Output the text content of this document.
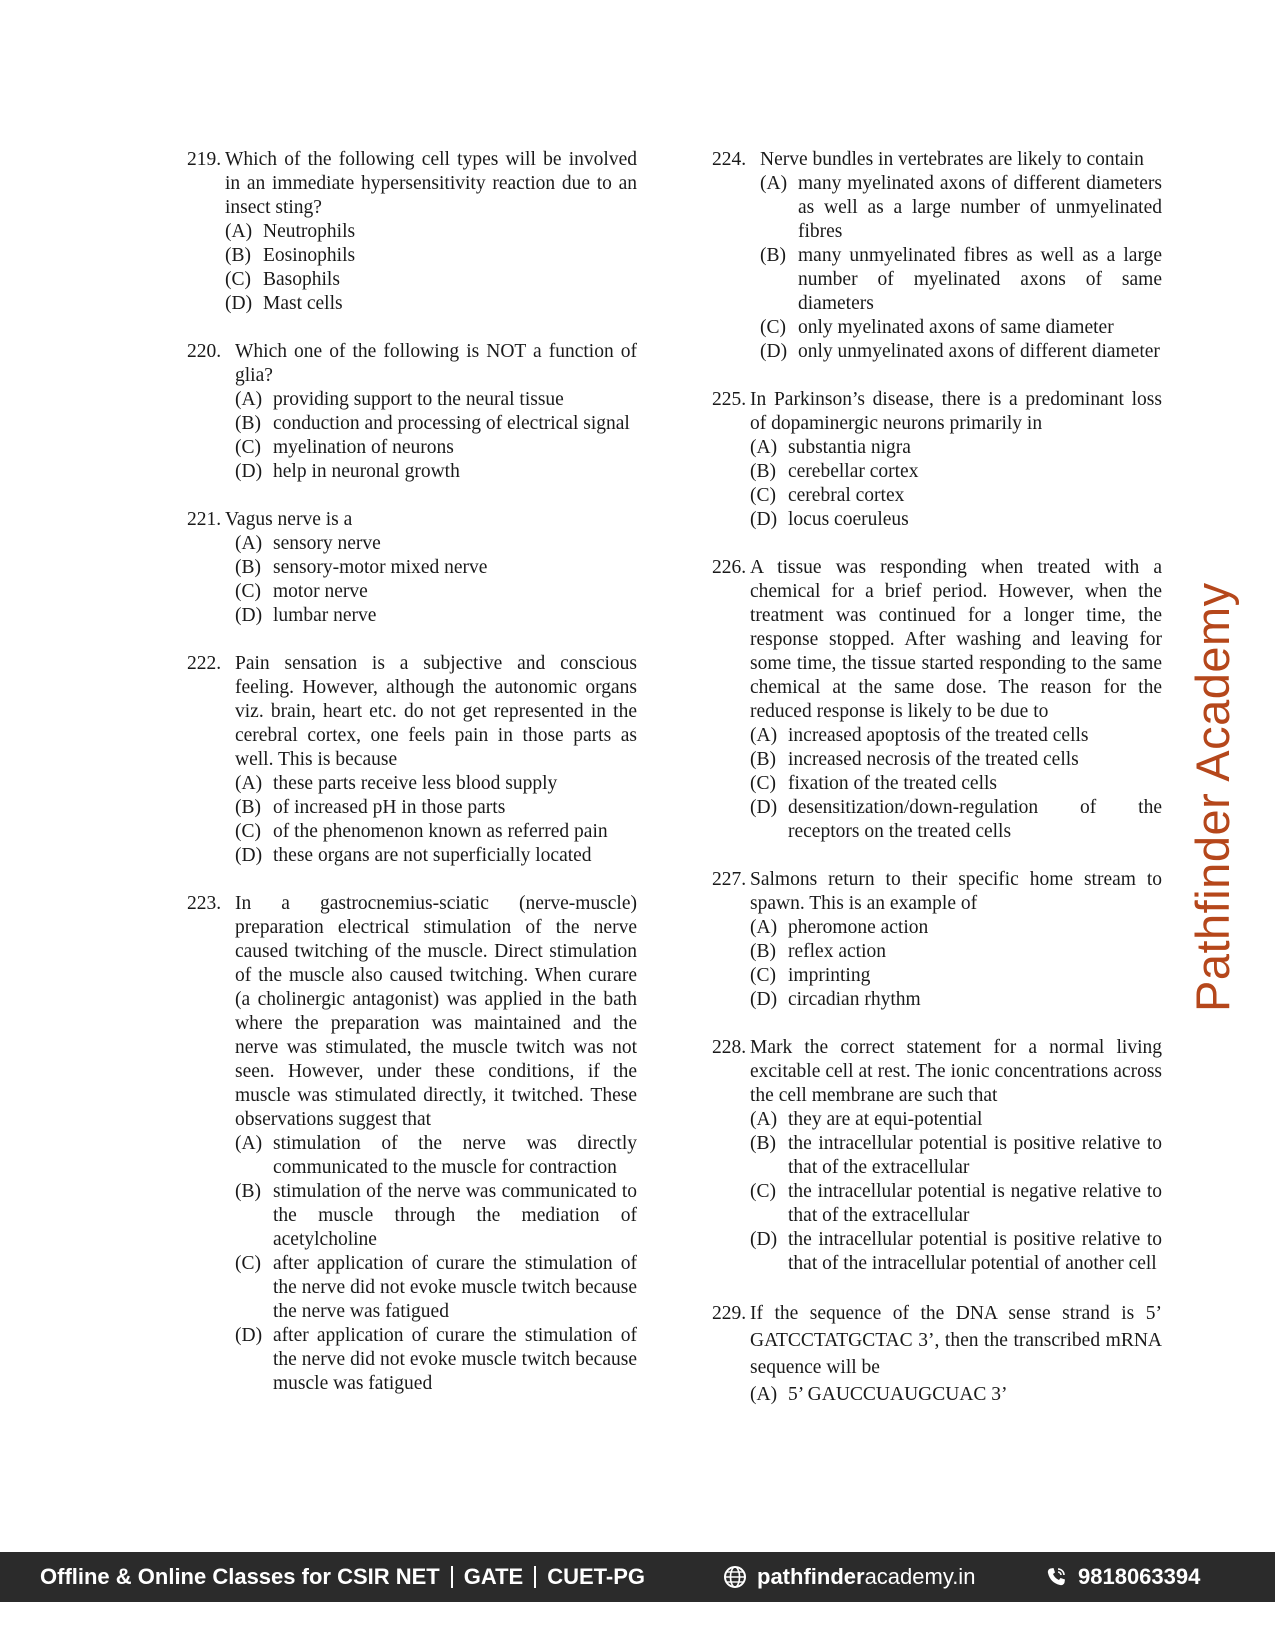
219. Which of the following cell types will be involved in an immediate hypersensitivity reaction due to an insect sting?
(A) Neutrophils
(B) Eosinophils
(C) Basophils
(D) Mast cells
220. Which one of the following is NOT a function of glia?
(A) providing support to the neural tissue
(B) conduction and processing of electrical signal
(C) myelination of neurons
(D) help in neuronal growth
221. Vagus nerve is a
(A) sensory nerve
(B) sensory-motor mixed nerve
(C) motor nerve
(D) lumbar nerve
222. Pain sensation is a subjective and conscious feeling. However, although the autonomic organs viz. brain, heart etc. do not get represented in the cerebral cortex, one feels pain in those parts as well. This is because
(A) these parts receive less blood supply
(B) of increased pH in those parts
(C) of the phenomenon known as referred pain
(D) these organs are not superficially located
223. In a gastrocnemius-sciatic (nerve-muscle) preparation electrical stimulation of the nerve caused twitching of the muscle. Direct stimulation of the muscle also caused twitching. When curare (a cholinergic antagonist) was applied in the bath where the preparation was maintained and the nerve was stimulated, the muscle twitch was not seen. However, under these conditions, if the muscle was stimulated directly, it twitched. These observations suggest that
(A) stimulation of the nerve was directly communicated to the muscle for contraction
(B) stimulation of the nerve was communicated to the muscle through the mediation of acetylcholine
(C) after application of curare the stimulation of the nerve did not evoke muscle twitch because the nerve was fatigued
(D) after application of curare the stimulation of the nerve did not evoke muscle twitch because muscle was fatigued
224. Nerve bundles in vertebrates are likely to contain
(A) many myelinated axons of different diameters as well as a large number of unmyelinated fibres
(B) many unmyelinated fibres as well as a large number of myelinated axons of same diameters
(C) only myelinated axons of same diameter
(D) only unmyelinated axons of different diameter
225. In Parkinson’s disease, there is a predominant loss of dopaminergic neurons primarily in
(A) substantia nigra
(B) cerebellar cortex
(C) cerebral cortex
(D) locus coeruleus
226. A tissue was responding when treated with a chemical for a brief period. However, when the treatment was continued for a longer time, the response stopped. After washing and leaving for some time, the tissue started responding to the same chemical at the same dose. The reason for the reduced response is likely to be due to
(A) increased apoptosis of the treated cells
(B) increased necrosis of the treated cells
(C) fixation of the treated cells
(D) desensitization/down-regulation of the receptors on the treated cells
227. Salmons return to their specific home stream to spawn. This is an example of
(A) pheromone action
(B) reflex action
(C) imprinting
(D) circadian rhythm
228. Mark the correct statement for a normal living excitable cell at rest. The ionic concentrations across the cell membrane are such that
(A) they are at equi-potential
(B) the intracellular potential is positive relative to that of the extracellular
(C) the intracellular potential is negative relative to that of the extracellular
(D) the intracellular potential is positive relative to that of the intracellular potential of another cell
229. If the sequence of the DNA sense strand is 5’ GATCCTATGCTAC 3’, then the transcribed mRNA sequence will be
(A) 5’ GAUCCUAUGCUAC 3’
Pathfinder Academy
Offline & Online Classes for CSIR NET GATE CUET-PG	pathfinder academy.in	9818063394
